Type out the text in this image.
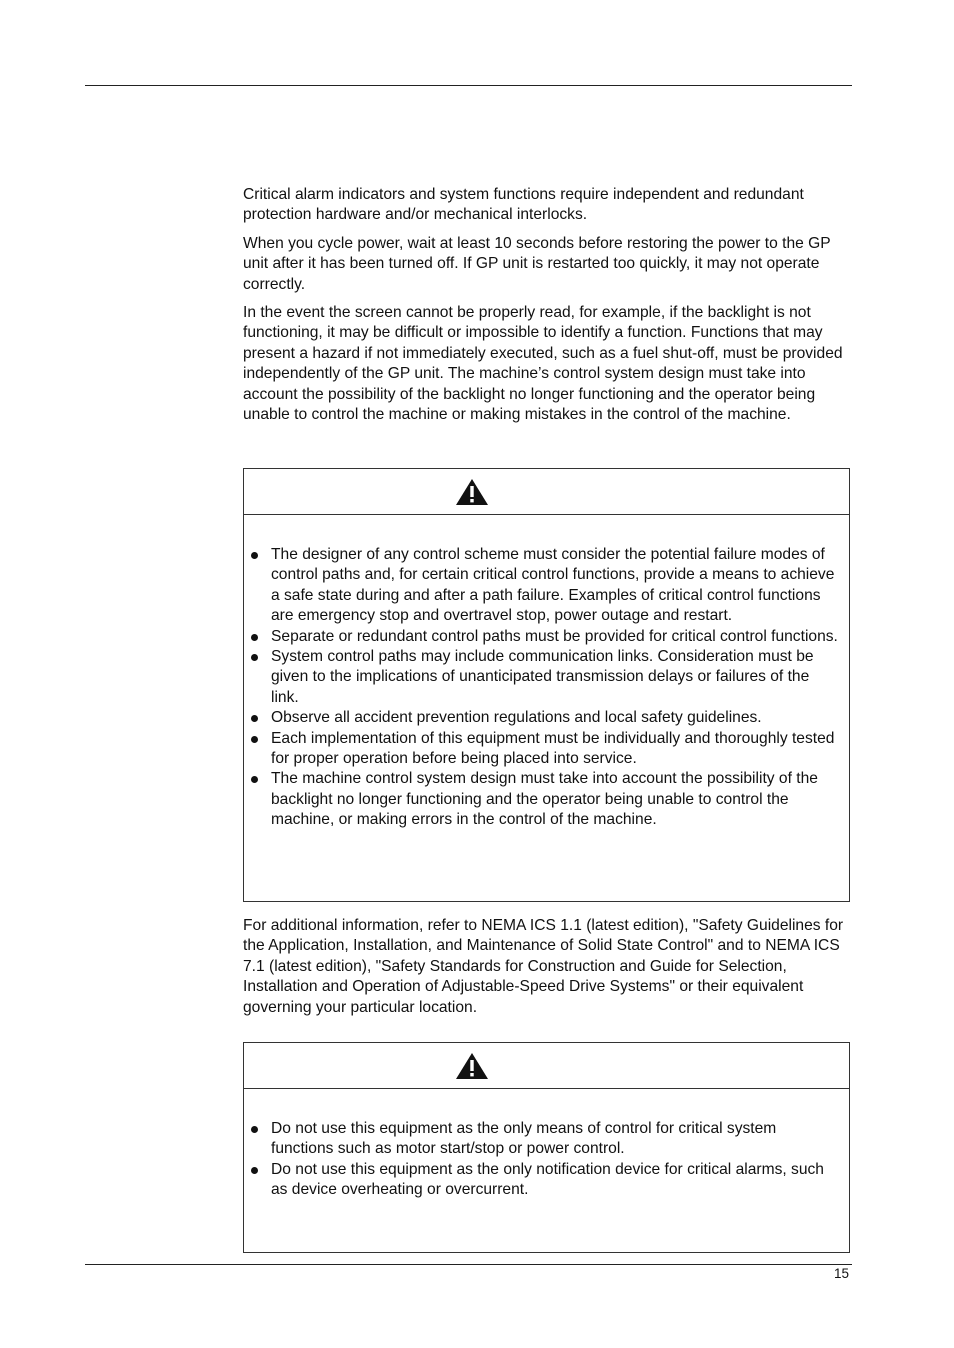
Critical alarm indicators and system functions require independent and redundant protection hardware and/or mechanical interlocks.

When you cycle power, wait at least 10 seconds before restoring the power to the GP unit after it has been turned off. If GP unit is restarted too quickly, it may not operate correctly.

In the event the screen cannot be properly read, for example, if the backlight is not functioning, it may be difficult or impossible to identify a function. Functions that may present a hazard if not immediately executed, such as a fuel shut-off, must be provided independently of the GP unit. The machine’s control system design must take into account the possibility of the backlight no longer functioning and the operator being unable to control the machine or making mistakes in the control of the machine.

The designer of any control scheme must consider the potential failure modes of control paths and, for certain critical control functions, provide a means to achieve a safe state during and after a path failure. Examples of critical control functions are emergency stop and overtravel stop, power outage and restart.
Separate or redundant control paths must be provided for critical control functions.
System control paths may include communication links. Consideration must be given to the implications of unanticipated transmission delays or failures of the link.
Observe all accident prevention regulations and local safety guidelines.
Each implementation of this equipment must be individually and thoroughly tested for proper operation before being placed into service.
The machine control system design must take into account the possibility of the backlight no longer functioning and the operator being unable to control the machine, or making errors in the control of the machine.

For additional information, refer to NEMA ICS 1.1 (latest edition), "Safety Guidelines for the Application, Installation, and Maintenance of Solid State Control" and to NEMA ICS 7.1 (latest edition), "Safety Standards for Construction and Guide for Selection, Installation and Operation of Adjustable-Speed Drive Systems" or their equivalent governing your particular location.

Do not use this equipment as the only means of control for critical system functions such as motor start/stop or power control.
Do not use this equipment as the only notification device for critical alarms, such as device overheating or overcurrent.
15
